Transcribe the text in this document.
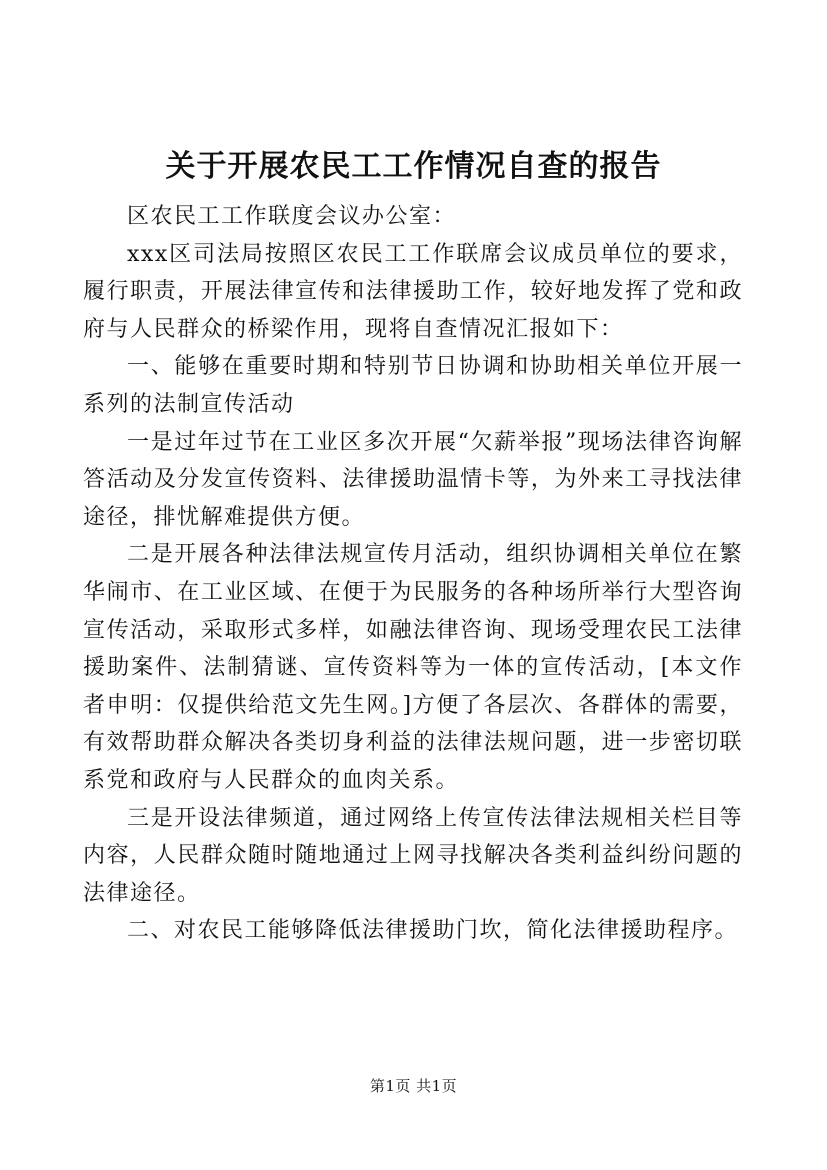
关于开展农民工工作情况自查的报告

区农民工工作联度会议办公室：

xxx区司法局按照区农民工工作联席会议成员单位的要求，履行职责，开展法律宣传和法律援助工作，较好地发挥了党和政府与人民群众的桥梁作用，现将自查情况汇报如下：

一、能够在重要时期和特别节日协调和协助相关单位开展一系列的法制宣传活动

一是过年过节在工业区多次开展“欠薪举报”现场法律咨询解答活动及分发宣传资料、法律援助温情卡等，为外来工寻找法律途径，排忧解难提供方便。

二是开展各种法律法规宣传月活动，组织协调相关单位在繁华闹市、在工业区域、在便于为民服务的各种场所举行大型咨询宣传活动，采取形式多样，如融法律咨询、现场受理农民工法律援助案件、法制猜谜、宣传资料等为一体的宣传活动，[本文作者申明：仅提供给范文先生网。]方便了各层次、各群体的需要，有效帮助群众解决各类切身利益的法律法规问题，进一步密切联系党和政府与人民群众的血肉关系。

三是开设法律频道，通过网络上传宣传法律法规相关栏目等内容，人民群众随时随地通过上网寻找解决各类利益纠纷问题的法律途径。

二、对农民工能够降低法律援助门坎，简化法律援助程序。

第1页 共1页
